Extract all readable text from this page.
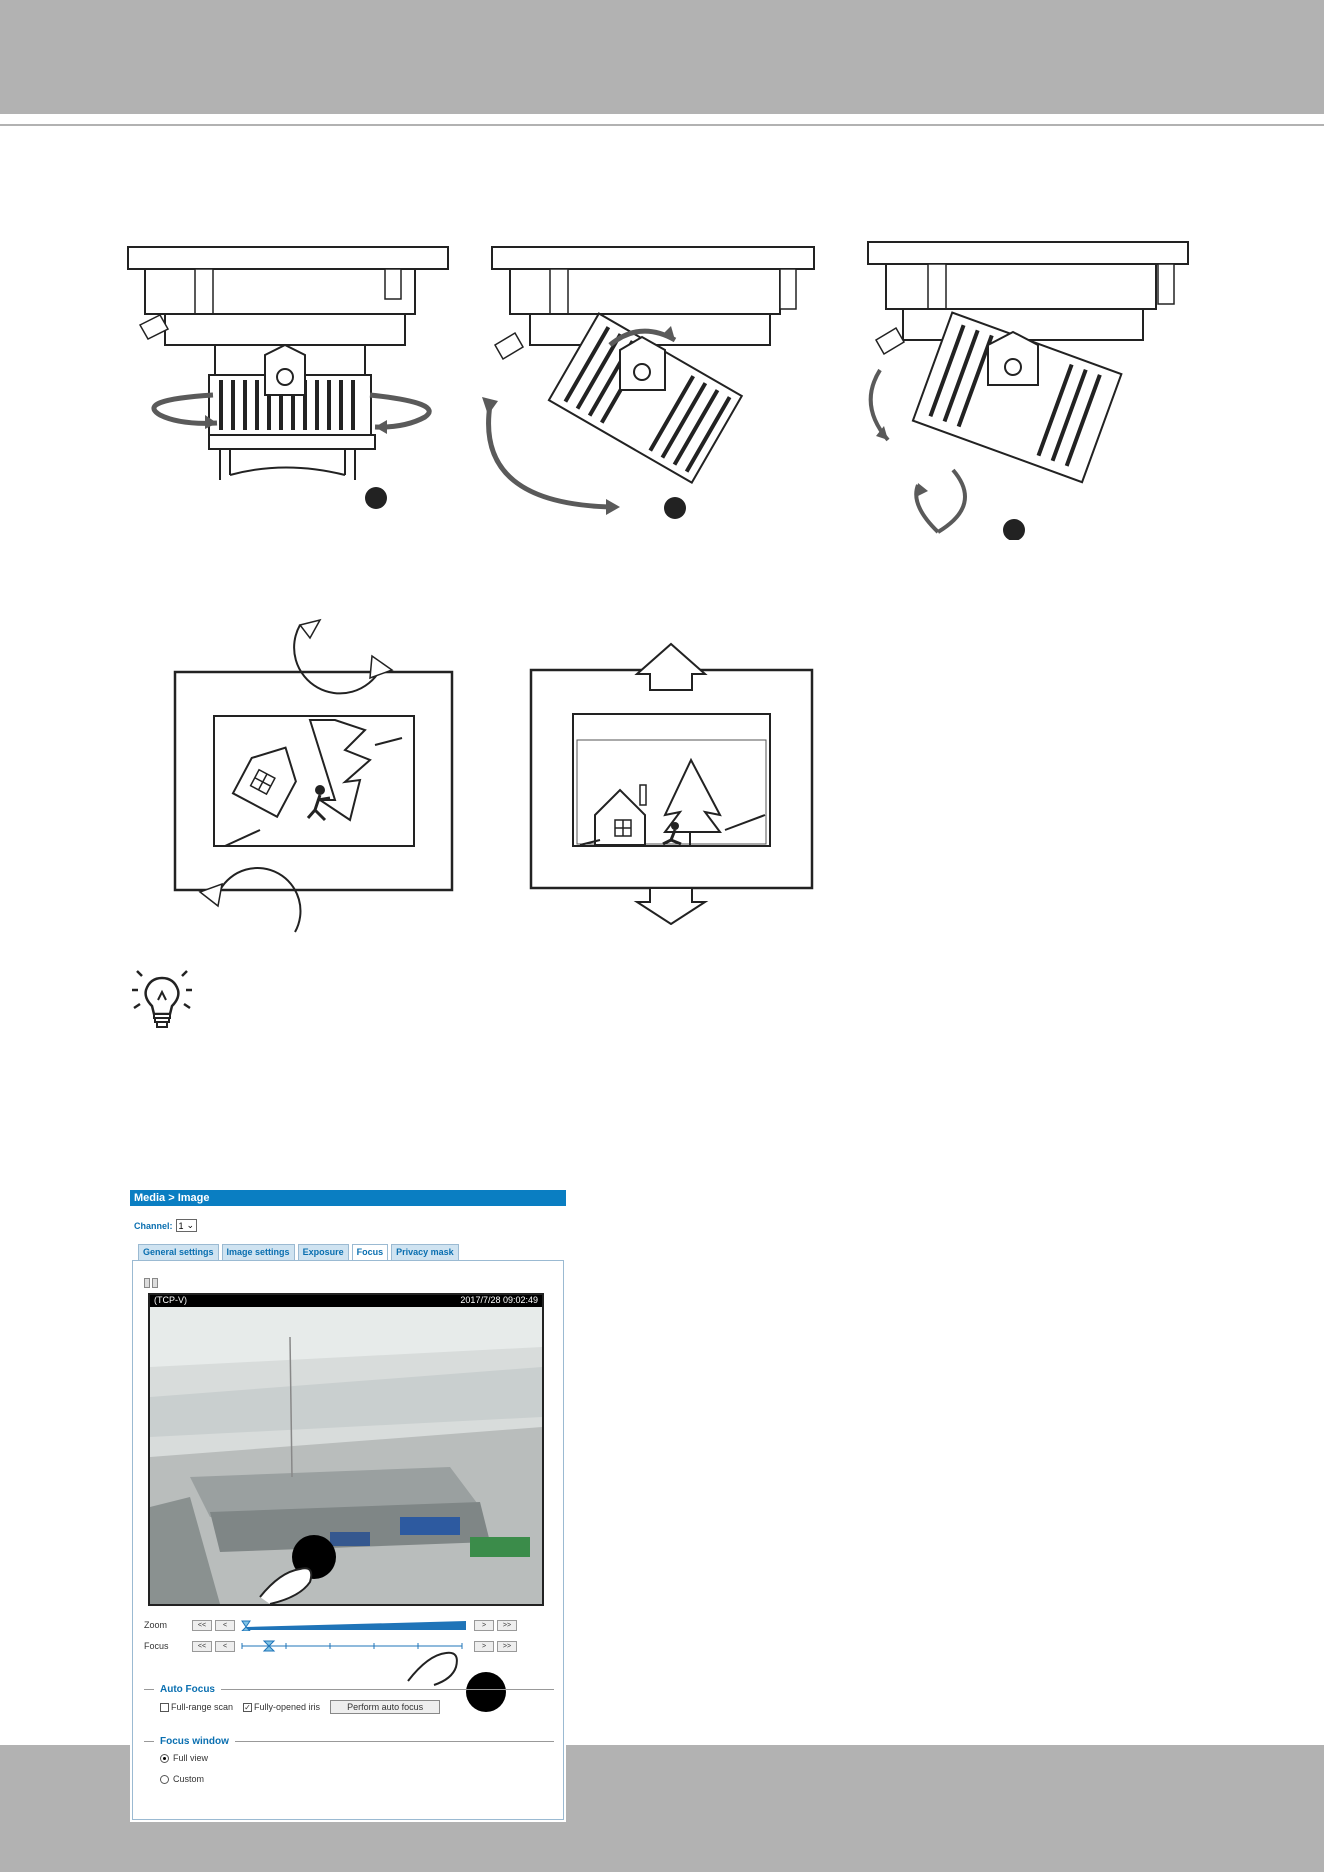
Media > Image
Channel: 1 ⌄
General settings	Image settings	Exposure	Focus	Privacy mask
(TCP-V)	2017/7/28 09:02:49
Zoom	<<	<	>	>>
Focus	<<	<	>	>>
Auto Focus
Full-range scan ✓ Fully-opened iris	Perform auto focus
Focus window
Full view
Custom
